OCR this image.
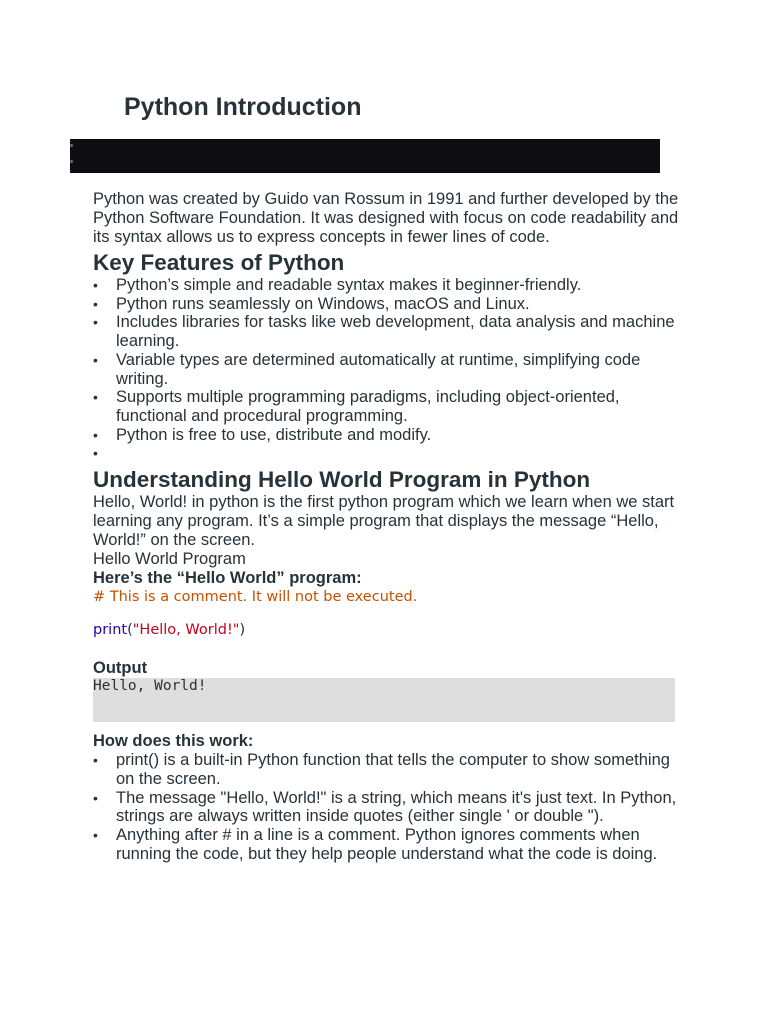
Python Introduction

Python was created by Guido van Rossum in 1991 and further developed by the Python Software Foundation. It was designed with focus on code readability and its syntax allows us to express concepts in fewer lines of code.

Key Features of Python
• Python’s simple and readable syntax makes it beginner-friendly.
• Python runs seamlessly on Windows, macOS and Linux.
• Includes libraries for tasks like web development, data analysis and machine learning.
• Variable types are determined automatically at runtime, simplifying code writing.
• Supports multiple programming paradigms, including object-oriented, functional and procedural programming.
• Python is free to use, distribute and modify.
•
Understanding Hello World Program in Python

Hello, World! in python is the first python program which we learn when we start learning any program. It’s a simple program that displays the message “Hello, World!” on the screen.

Hello World Program

Here’s the “Hello World” program:

# This is a comment. It will not be executed.
print("Hello, World!")

Output

Hello, World!

How does this work:

• print() is a built-in Python function that tells the computer to show something on the screen.
• The message "Hello, World!" is a string, which means it's just text. In Python, strings are always written inside quotes (either single ' or double ").
• Anything after # in a line is a comment. Python ignores comments when running the code, but they help people understand what the code is doing.
